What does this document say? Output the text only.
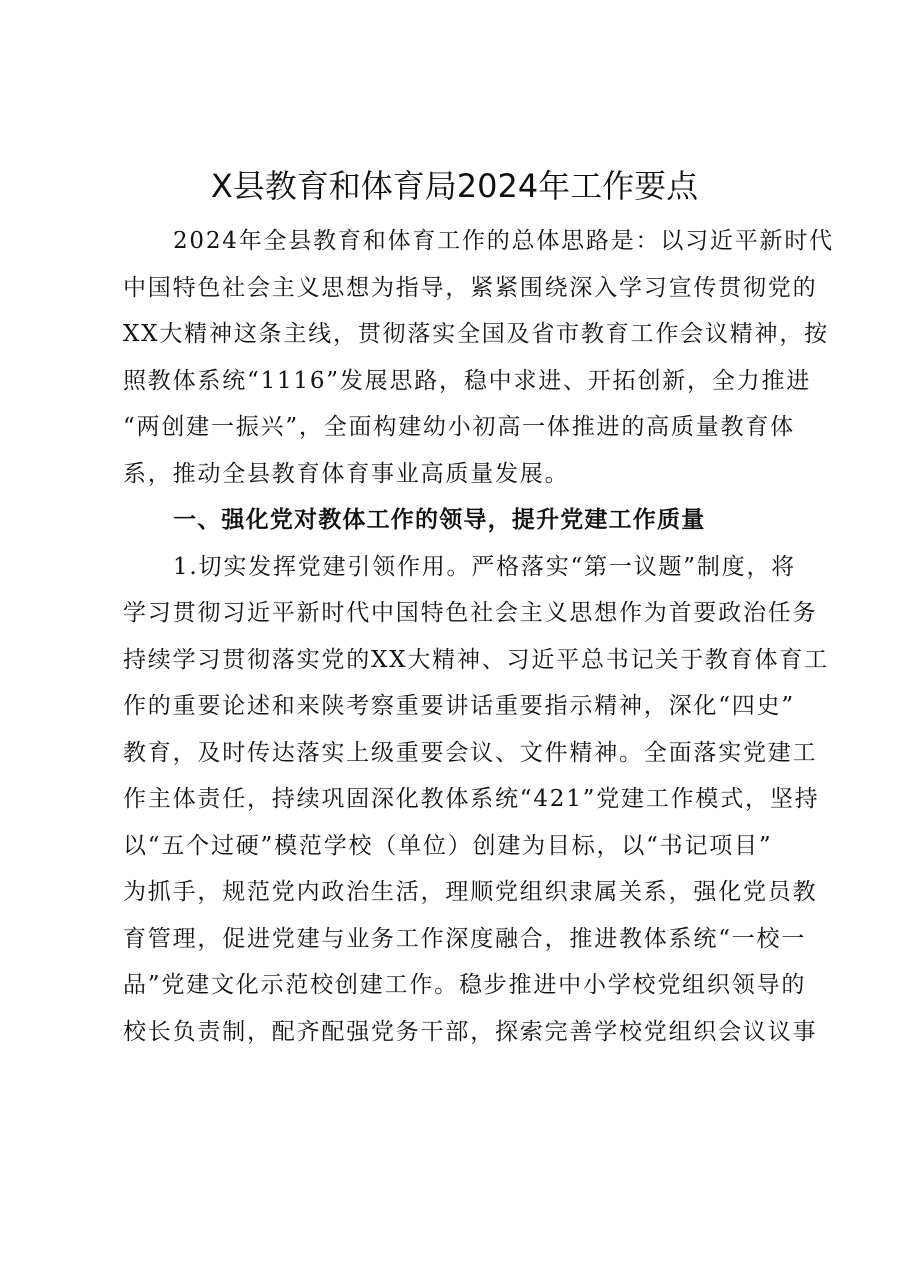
X县教育和体育局2024年工作要点
2024年全县教育和体育工作的总体思路是：以习近平新时代
中国特色社会主义思想为指导，紧紧围绕深入学习宣传贯彻党的
XX大精神这条主线，贯彻落实全国及省市教育工作会议精神，按
照教体系统“1116”发展思路，稳中求进、开拓创新，全力推进
“两创建一振兴”，全面构建幼小初高一体推进的高质量教育体
系，推动全县教育体育事业高质量发展。
一、强化党对教体工作的领导，提升党建工作质量
1.切实发挥党建引领作用。严格落实“第一议题”制度，将
学习贯彻习近平新时代中国特色社会主义思想作为首要政治任务
持续学习贯彻落实党的XX大精神、习近平总书记关于教育体育工
作的重要论述和来陕考察重要讲话重要指示精神，深化“四史”
教育，及时传达落实上级重要会议、文件精神。全面落实党建工
作主体责任，持续巩固深化教体系统“421”党建工作模式，坚持
以“五个过硬”模范学校（单位）创建为目标，以“书记项目”
为抓手，规范党内政治生活，理顺党组织隶属关系，强化党员教
育管理，促进党建与业务工作深度融合，推进教体系统“一校一
品”党建文化示范校创建工作。稳步推进中小学校党组织领导的
校长负责制，配齐配强党务干部，探索完善学校党组织会议议事
